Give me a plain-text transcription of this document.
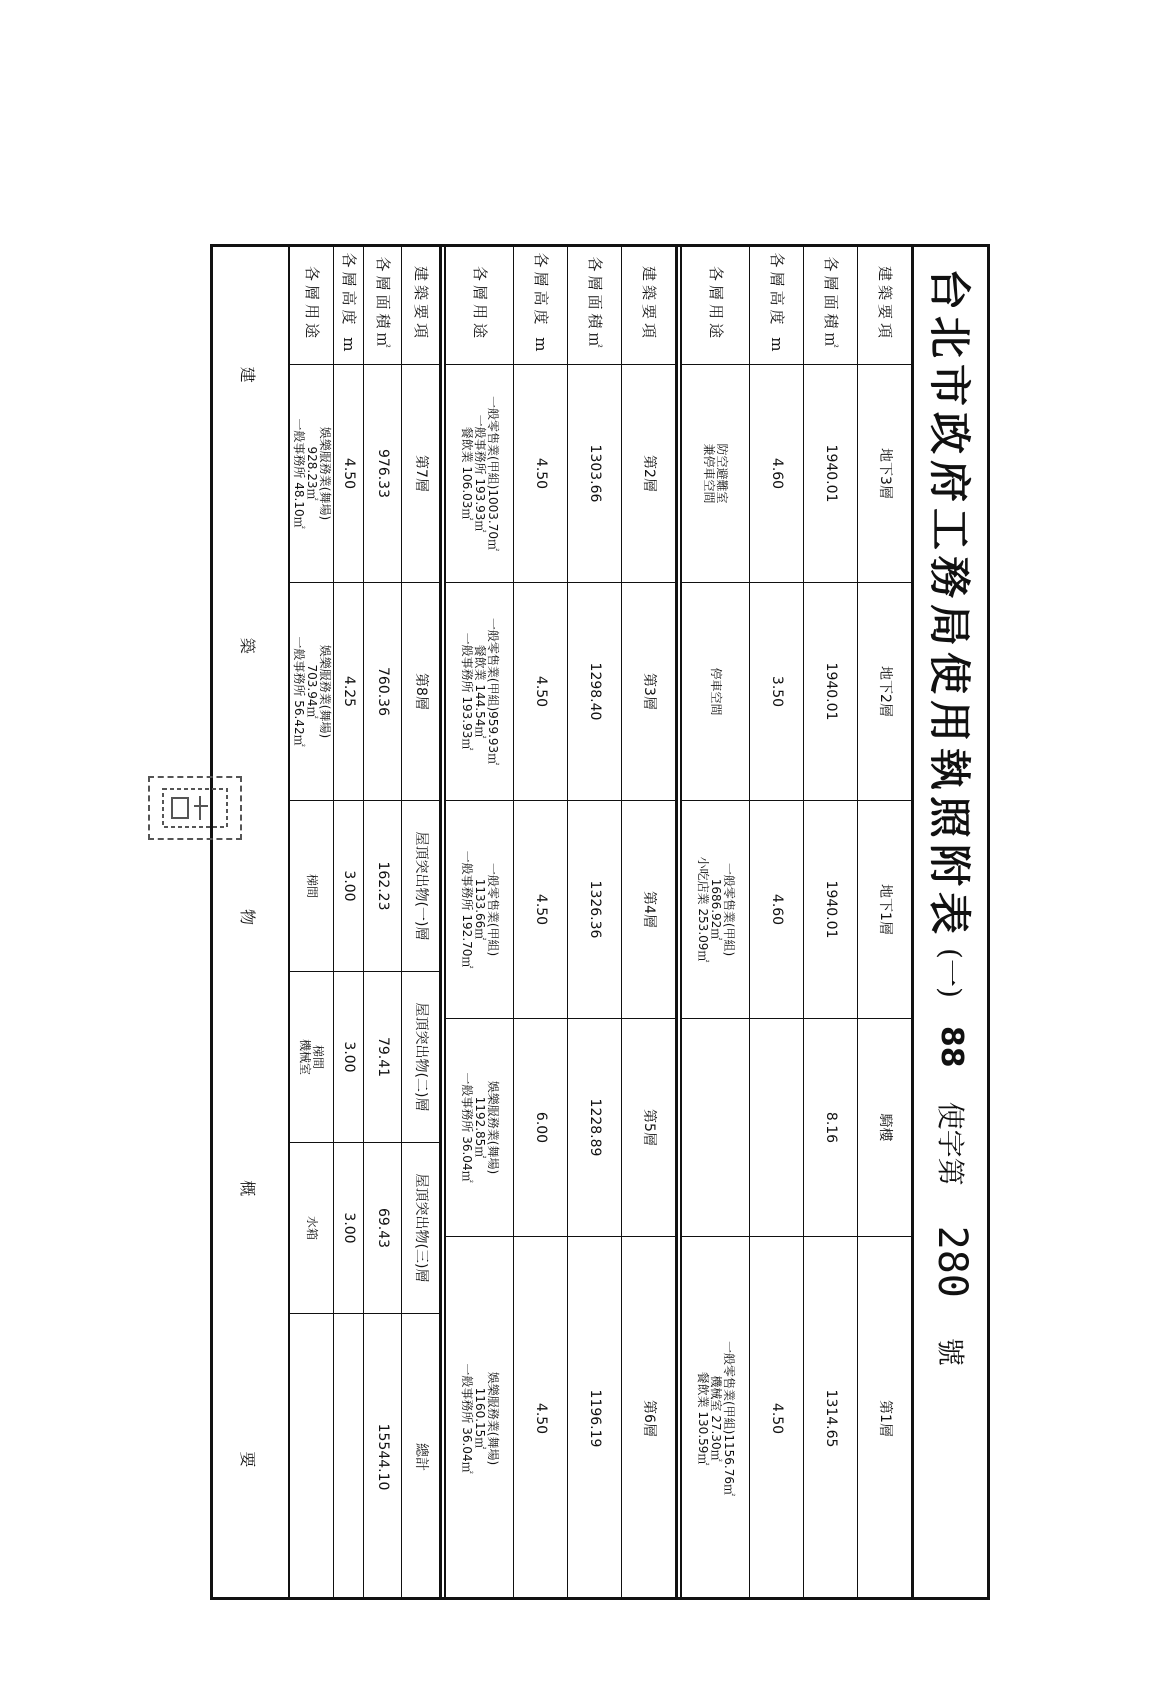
台北市政府工務局使用執照附表
(一)
88
使字第
280
號
建築要項
地下3層
地下2層
地下1層
騎樓
第1層
各層面積㎡
1940.01
1940.01
1940.01
8.16
1314.65
各層高度 m
4.60
3.50
4.60
4.50
各層用途
防空避難室
兼停車空間
停車空間
一般零售業(甲組)
1686.92㎡
小吃店業 253.09㎡
一般零售業(甲組)1156.76㎡
機械室 27.30㎡
餐飲業 130.59㎡
建築要項
第2層
第3層
第4層
第5層
第6層
各層面積㎡
1303.66
1298.40
1326.36
1228.89
1196.19
各層高度 m
4.50
4.50
4.50
6.00
4.50
各層用途
一般零售業(甲組)1003.70㎡
一般事務所 193.93㎡
餐飲業 106.03㎡
一般零售業(甲組)959.93㎡
餐飲業 144.54㎡
一般事務所 193.93㎡
一般零售業(甲組)
1133.66㎡
一般事務所 192.70㎡
娛樂服務業(舞場)
1192.85㎡
一般事務所 36.04㎡
娛樂服務業(舞場)
1160.15㎡
一般事務所 36.04㎡
建築要項
第7層
第8層
屋頂突出物(一)層
屋頂突出物(二)層
屋頂突出物(三)層
總計
各層面積㎡
976.33
760.36
162.23
79.41
69.43
15544.10
各層高度 m
4.50
4.25
3.00
3.00
3.00
各層用途
娛樂服務業(舞場)
928.23㎡
一般事務所 48.10㎡
娛樂服務業(舞場)
703.94㎡
一般事務所 56.42㎡
梯間
梯間
機械室
水箱
建
築
物
概
要
